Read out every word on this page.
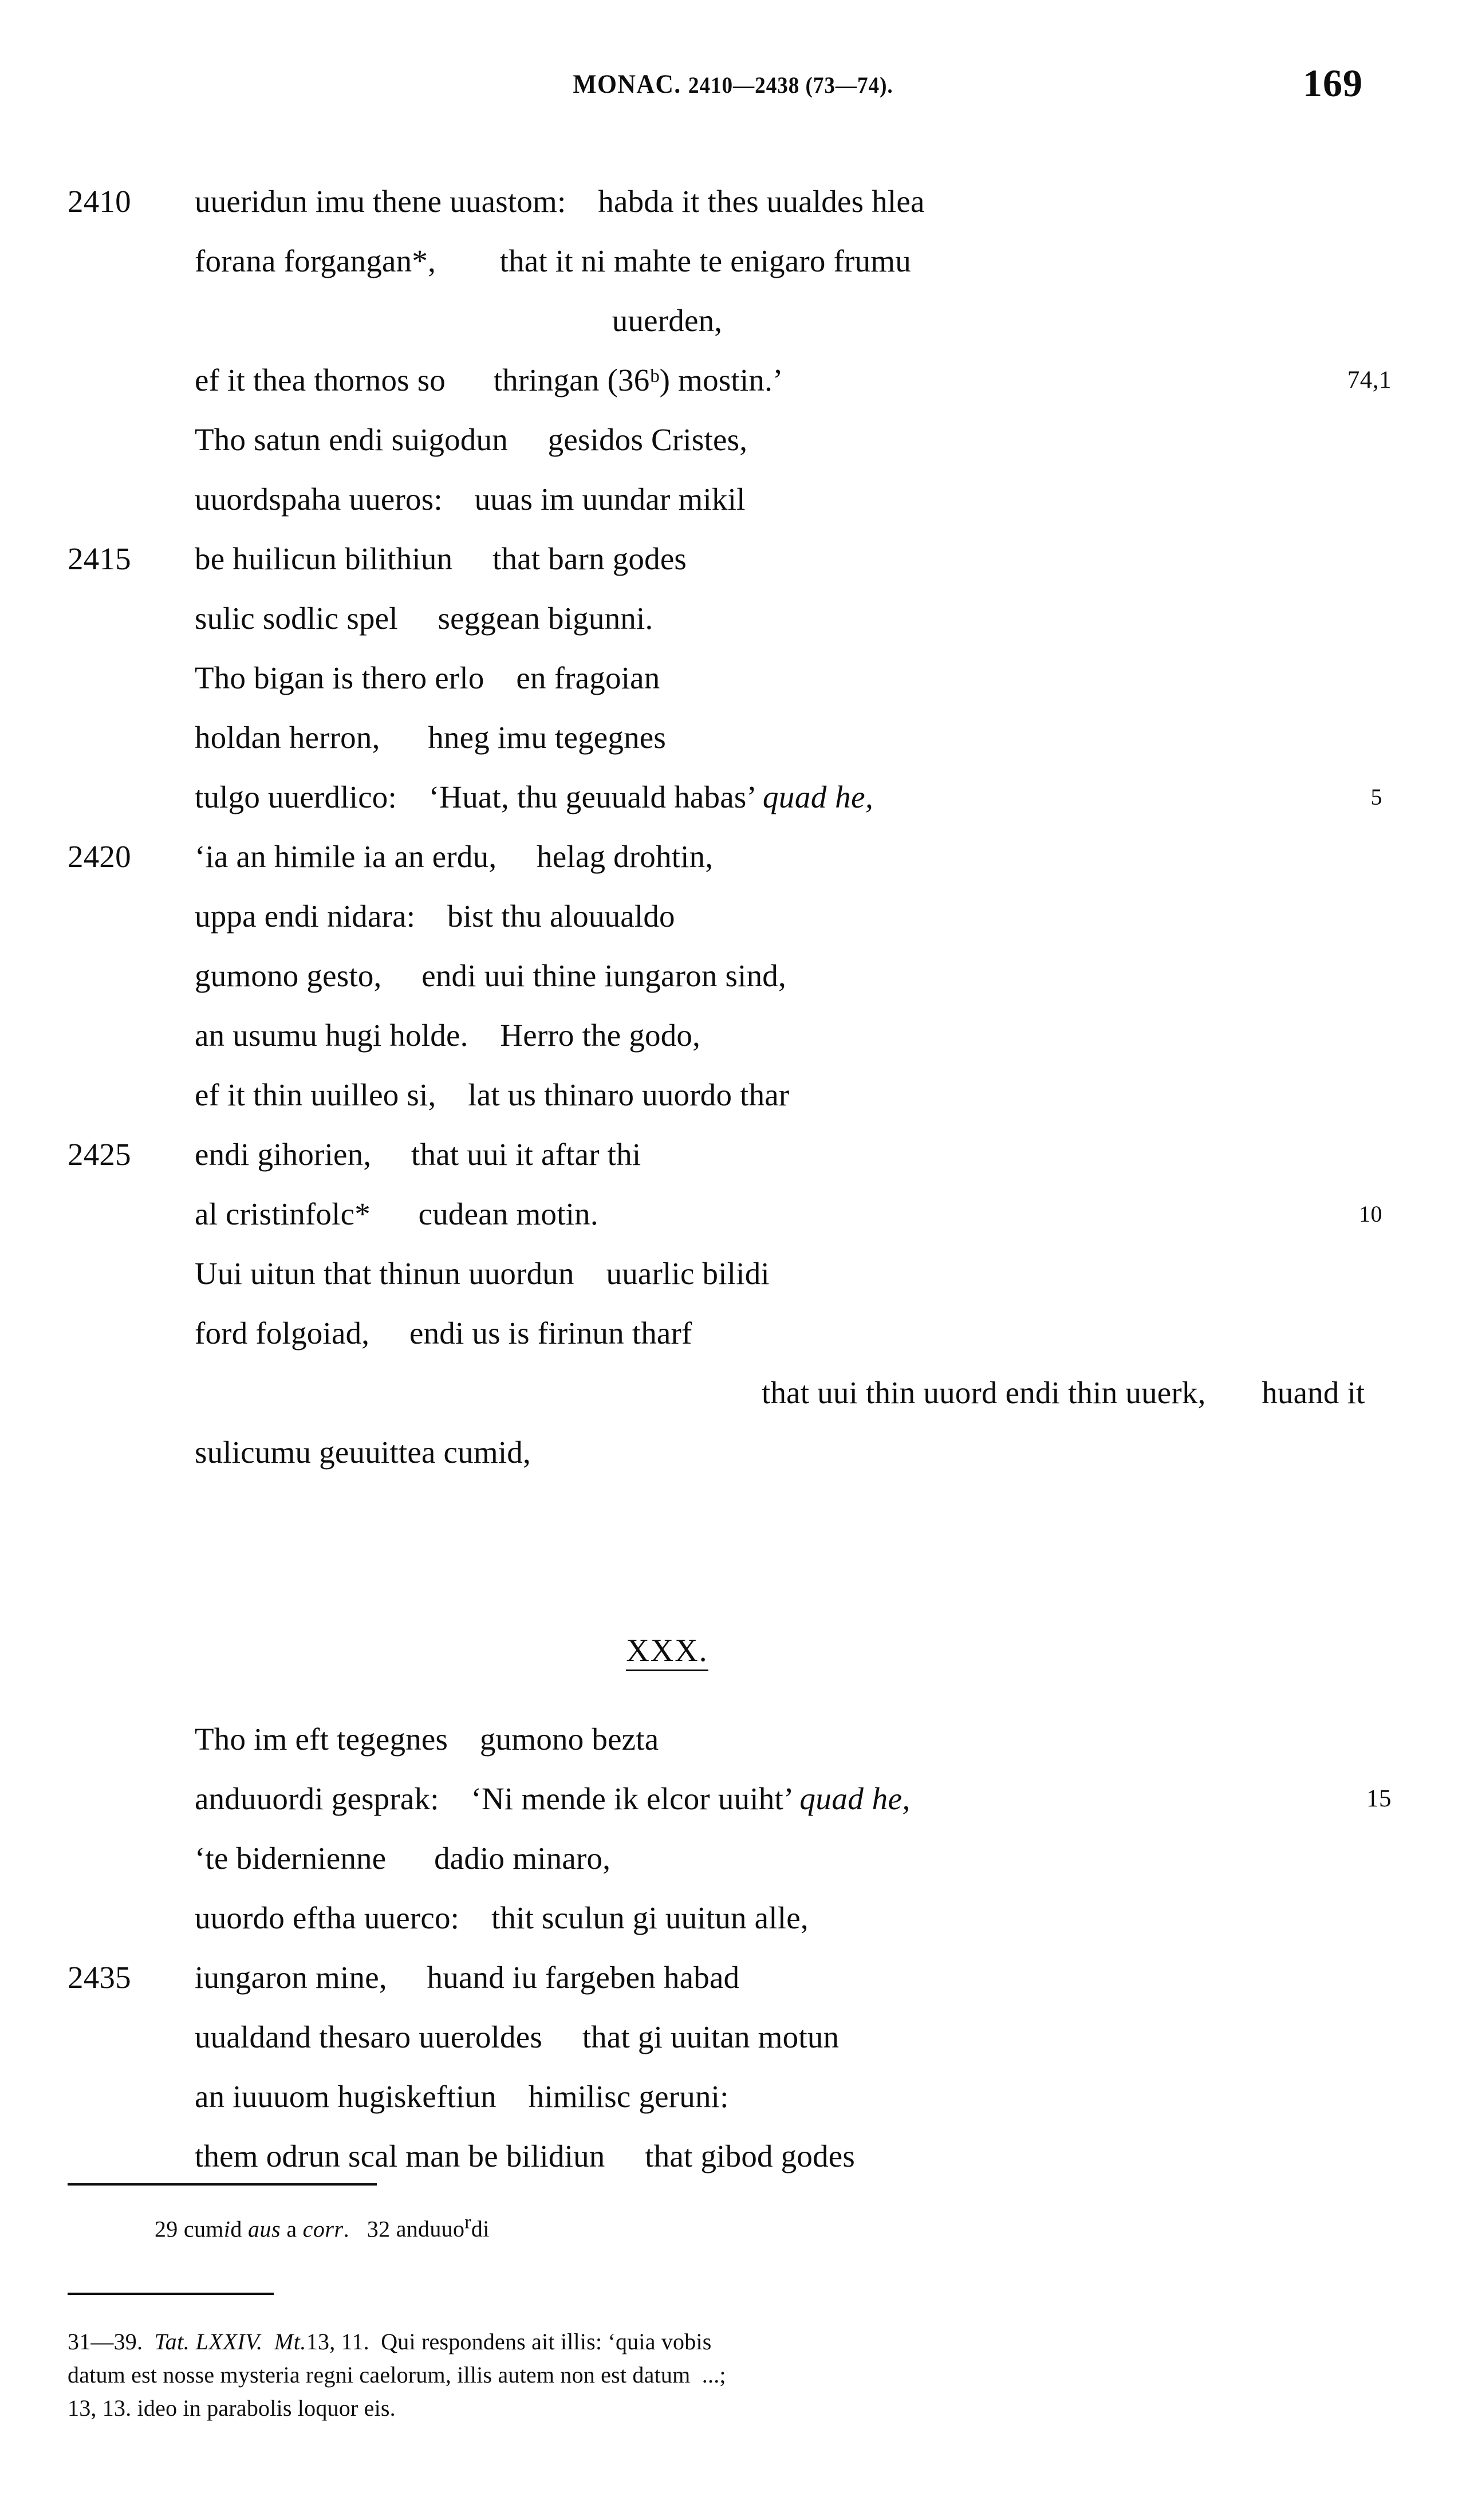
MONAC. 2410—2438 (73—74).	169

2410

	uueridun imu thene uuastom:    habda it thes uualdes hlea

forana forgangan*,        that it ni mahte te enigaro frumu

uuerden,

ef it thea thornos so      thringan (36ᵇ) mostin.’

	74,1

Tho satun endi suigodun     gesidos Cristes,

uuordspaha uueros:    uuas im uundar mikil

2415

	be huilicun bilithiun     that barn godes

sulic sodlic spel     seggean bigunni.

Tho bigan is thero erlo    en fragoian

holdan herron,      hneg imu tegegnes

tulgo uuerdlico:    ‘Huat, thu geuuald habas’ quad he,

	5

2420

	‘ia an himile ia an erdu,     helag drohtin,

uppa endi nidara:    bist thu alouualdo

gumono gesto,     endi uui thine iungaron sind,

an usumu hugi holde.    Herro the godo,

ef it thin uuilleo si,    lat us thinaro uuordo thar

2425

	endi gihorien,     that uui it aftar thi

al cristinfolc*      cudean motin.

	10

Uui uitun that thinun uuordun    uuarlic bilidi

ford folgoiad,     endi us is firinun tharf

that uui thin uuord endi thin uuerk,       huand it

sulicumu geuuittea cumid,

XXX.

Tho im eft tegegnes    gumono bezta

anduuordi gesprak:    ‘Ni mende ik elcor uuiht’ quad he,

	15

‘te bidernienne      dadio minaro,

uuordo eftha uuerco:    thit sculun gi uuitun alle,

2435

	iungaron mine,     huand iu fargeben habad

uualdand thesaro uueroldes     that gi uuitan motun

an iuuuom hugiskeftiun    himilisc geruni:

them odrun scal man be bilidiun     that gibod godes

29 cumid aus a corr. 32 anduuo$^r$di
31—39. Tat. LXXIV. Mt.13, 11. Qui respondens ait illis: ‘quia vobis
datum est nosse mysteria regni caelorum, illis autem non est datum  ...;
13, 13. ideo in parabolis loquor eis.
